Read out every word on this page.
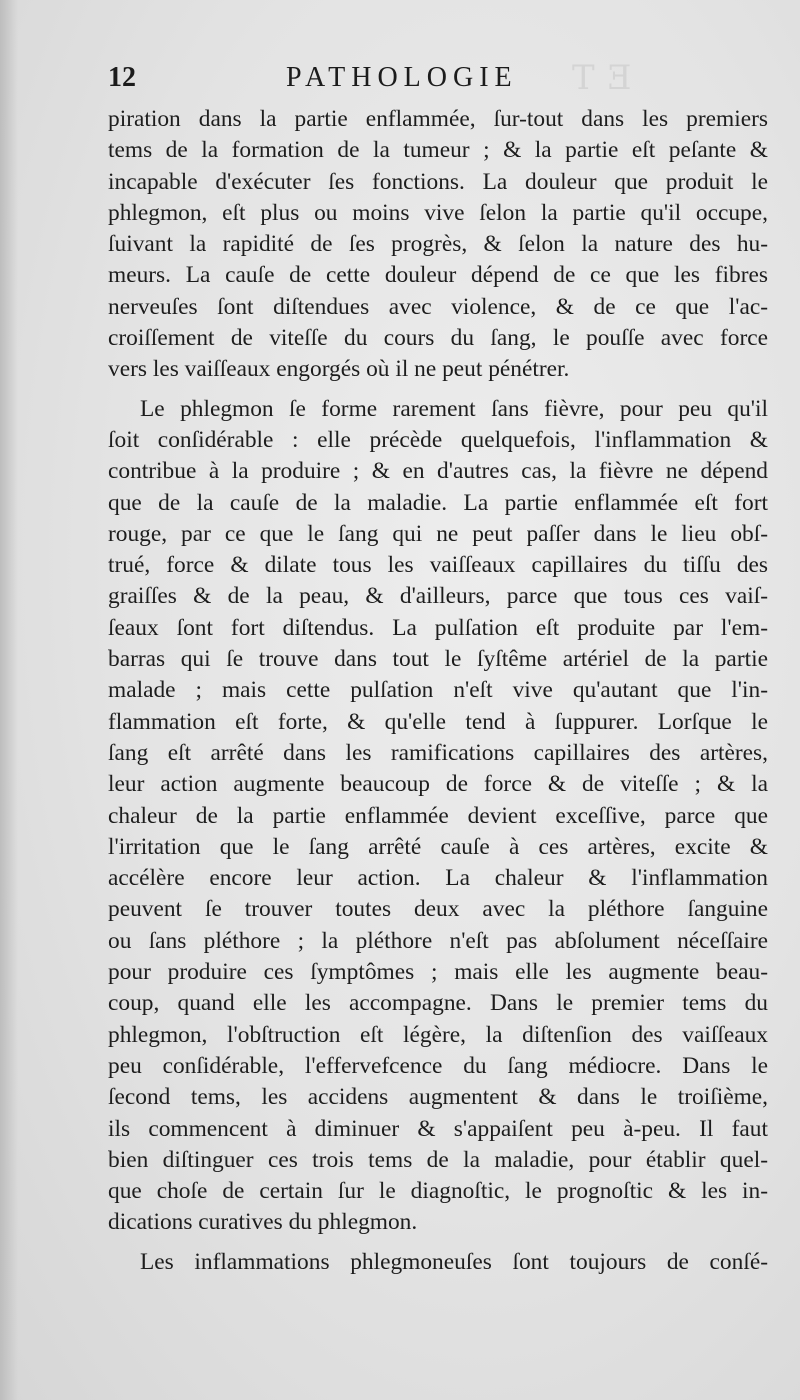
ET
12	PATHOLOGIE

piration dans la partie enflammée, ſur-tout dans les premiers
tems de la formation de la tumeur ; & la partie eſt peſante &
incapable d'exécuter ſes fonctions. La douleur que produit le
phlegmon, eſt plus ou moins vive ſelon la partie qu'il occupe,
ſuivant la rapidité de ſes progrès, & ſelon la nature des hu-
meurs. La cauſe de cette douleur dépend de ce que les fibres
nerveuſes ſont diſtendues avec violence, & de ce que l'ac-
croiſſement de viteſſe du cours du ſang, le pouſſe avec force
vers les vaiſſeaux engorgés où il ne peut pénétrer.

Le phlegmon ſe forme rarement ſans fièvre, pour peu qu'il
ſoit conſidérable : elle précède quelquefois, l'inflammation &
contribue à la produire ; & en d'autres cas, la fièvre ne dépend
que de la cauſe de la maladie. La partie enflammée eſt fort
rouge, par ce que le ſang qui ne peut paſſer dans le lieu obſ-
trué, force & dilate tous les vaiſſeaux capillaires du tiſſu des
graiſſes & de la peau, & d'ailleurs, parce que tous ces vaiſ-
ſeaux ſont fort diſtendus. La pulſation eſt produite par l'em-
barras qui ſe trouve dans tout le ſyſtême artériel de la partie
malade ; mais cette pulſation n'eſt vive qu'autant que l'in-
flammation eſt forte, & qu'elle tend à ſuppurer. Lorſque le
ſang eſt arrêté dans les ramifications capillaires des artères,
leur action augmente beaucoup de force & de viteſſe ; & la
chaleur de la partie enflammée devient exceſſive, parce que
l'irritation que le ſang arrêté cauſe à ces artères, excite &
accélère encore leur action. La chaleur & l'inflammation
peuvent ſe trouver toutes deux avec la pléthore ſanguine
ou ſans pléthore ; la pléthore n'eſt pas abſolument néceſſaire
pour produire ces ſymptômes ; mais elle les augmente beau-
coup, quand elle les accompagne. Dans le premier tems du
phlegmon, l'obſtruction eſt légère, la diſtenſion des vaiſſeaux
peu conſidérable, l'effervefcence du ſang médiocre. Dans le
ſecond tems, les accidens augmentent & dans le troiſième,
ils commencent à diminuer & s'appaiſent peu à-peu. Il faut
bien diſtinguer ces trois tems de la maladie, pour établir quel-
que choſe de certain ſur le diagnoſtic, le prognoſtic & les in-
dications curatives du phlegmon.

Les inflammations phlegmoneuſes ſont toujours de conſé-
